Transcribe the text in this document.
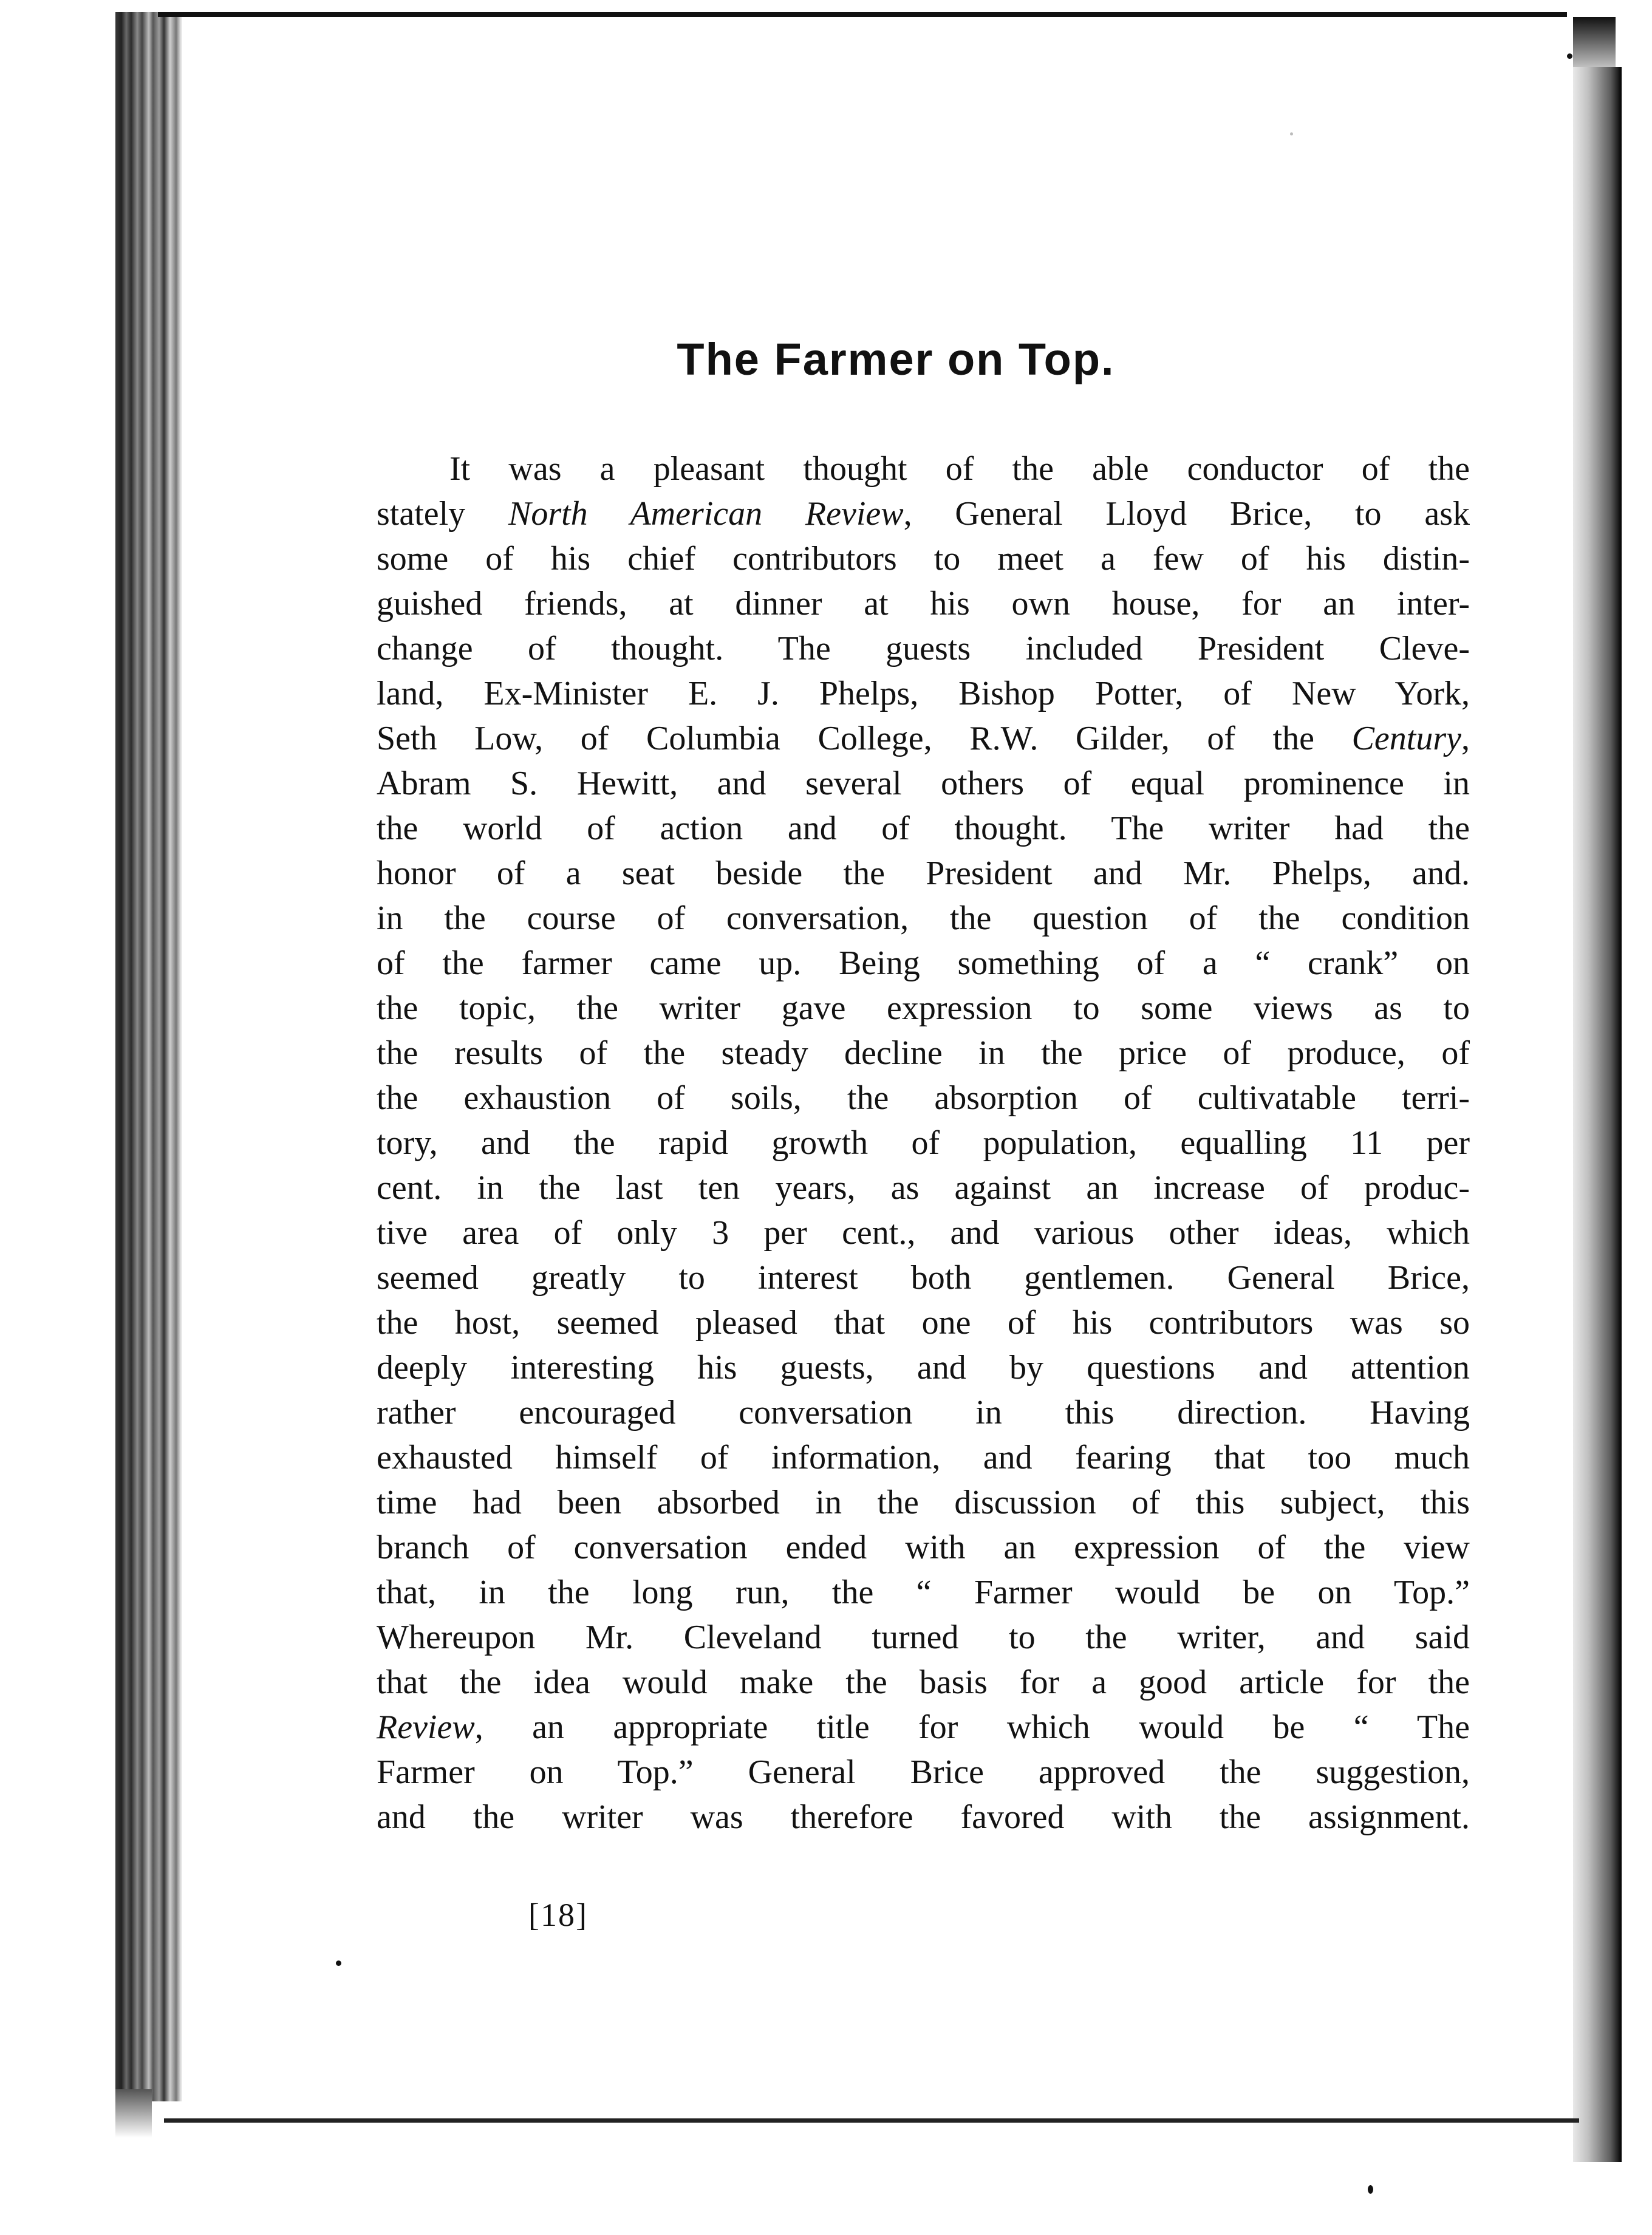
The Farmer on Top.
It was a pleasant thought of the able conductor of the
stately North American Review, General Lloyd Brice, to ask
some of his chief contributors to meet a few of his distin-
guished friends, at dinner at his own house, for an inter-
change of thought. The guests included President Cleve-
land, Ex-Minister E. J. Phelps, Bishop Potter, of New York,
Seth Low, of Columbia College, R.W. Gilder, of the Century,
Abram S. Hewitt, and several others of equal prominence in
the world of action and of thought. The writer had the
honor of a seat beside the President and Mr. Phelps, and.
in the course of conversation, the question of the condition
of the farmer came up. Being something of a “ crank” on
the topic, the writer gave expression to some views as to
the results of the steady decline in the price of produce, of
the exhaustion of soils, the absorption of cultivatable terri-
tory, and the rapid growth of population, equalling 11 per
cent. in the last ten years, as against an increase of produc-
tive area of only 3 per cent., and various other ideas, which
seemed greatly to interest both gentlemen. General Brice,
the host, seemed pleased that one of his contributors was so
deeply interesting his guests, and by questions and attention
rather encouraged conversation in this direction. Having
exhausted himself of information, and fearing that too much
time had been absorbed in the discussion of this subject, this
branch of conversation ended with an expression of the view
that, in the long run, the “ Farmer would be on Top.”
Whereupon Mr. Cleveland turned to the writer, and said
that the idea would make the basis for a good article for the
Review, an appropriate title for which would be “ The
Farmer on Top.” General Brice approved the suggestion,
and the writer was therefore favored with the assignment.
[18]
